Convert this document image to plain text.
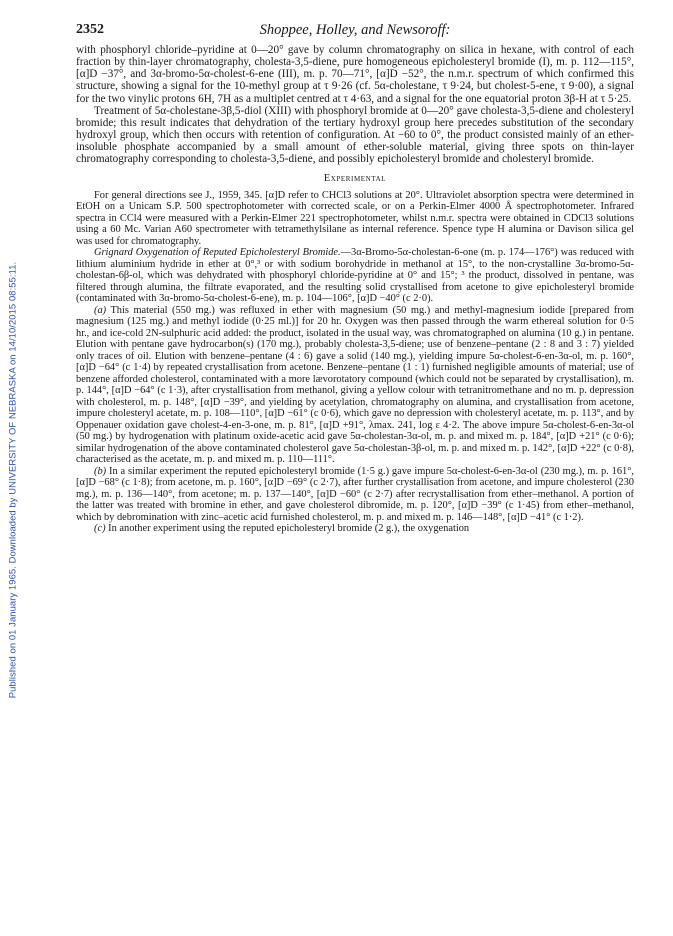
Published on 01 January 1965. Downloaded by UNIVERSITY OF NEBRASKA on 14/10/2015 08:55:11.
2352	Shoppee, Holley, and Newsoroff:

with phosphoryl chloride–pyridine at 0—20° gave by column chromatography on silica in hexane, with control of each fraction by thin-layer chromatography, cholesta-3,5-diene, pure homogeneous epicholesteryl bromide (I), m. p. 112—115°, [α]D −37°, and 3α-bromo-5α-cholest-6-ene (III), m. p. 70—71°, [α]D −52°, the n.m.r. spectrum of which confirmed this structure, showing a signal for the 10-methyl group at τ 9·26 (cf. 5α-cholestane, τ 9·24, but cholest-5-ene, τ 9·00), a signal for the two vinylic protons 6H, 7H as a multiplet centred at τ 4·63, and a signal for the one equatorial proton 3β-H at τ 5·25.

Treatment of 5α-cholestane-3β,5-diol (XIII) with phosphoryl bromide at 0—20° gave cholesta-3,5-diene and cholesteryl bromide; this result indicates that dehydration of the tertiary hydroxyl group here precedes substitution of the secondary hydroxyl group, which then occurs with retention of configuration. At −60 to 0°, the product consisted mainly of an ether-insoluble phosphate accompanied by a small amount of ether-soluble material, giving three spots on thin-layer chromatography corresponding to cholesta-3,5-diene, and possibly epicholesteryl bromide and cholesteryl bromide.

Experimental

For general directions see J., 1959, 345. [α]D refer to CHCl3 solutions at 20°. Ultraviolet absorption spectra were determined in EtOH on a Unicam S.P. 500 spectrophotometer with corrected scale, or on a Perkin-Elmer 4000 Å spectrophotometer. Infrared spectra in CCl4 were measured with a Perkin-Elmer 221 spectrophotometer, whilst n.m.r. spectra were obtained in CDCl3 solutions using a 60 Mc. Varian A60 spectrometer with tetramethylsilane as internal reference. Spence type H alumina or Davison silica gel was used for chromatography.

Grignard Oxygenation of Reputed Epicholesteryl Bromide.—3α-Bromo-5α-cholestan-6-one (m. p. 174—176°) was reduced with lithium aluminium hydride in ether at 0°,³ or with sodium borohydride in methanol at 15°, to the non-crystalline 3α-bromo-5α-cholestan-6β-ol, which was dehydrated with phosphoryl chloride-pyridine at 0° and 15°; ³ the product, dissolved in pentane, was filtered through alumina, the filtrate evaporated, and the resulting solid crystallised from acetone to give epicholesteryl bromide (contaminated with 3α-bromo-5α-cholest-6-ene), m. p. 104—106°, [α]D −40° (c 2·0).

(a) This material (550 mg.) was refluxed in ether with magnesium (50 mg.) and methyl-magnesium iodide [prepared from magnesium (125 mg.) and methyl iodide (0·25 ml.)] for 20 hr. Oxygen was then passed through the warm ethereal solution for 0·5 hr., and ice-cold 2N-sulphuric acid added: the product, isolated in the usual way, was chromatographed on alumina (10 g.) in pentane. Elution with pentane gave hydrocarbon(s) (170 mg.), probably cholesta-3,5-diene; use of benzene–pentane (2 : 8 and 3 : 7) yielded only traces of oil. Elution with benzene–pentane (4 : 6) gave a solid (140 mg.), yielding impure 5α-cholest-6-en-3α-ol, m. p. 160°, [α]D −64° (c 1·4) by repeated crystallisation from acetone. Benzene–pentane (1 : 1) furnished negligible amounts of material; use of benzene afforded cholesterol, contaminated with a more lævorotatory compound (which could not be separated by crystallisation), m. p. 144°, [α]D −64° (c 1·3), after crystallisation from methanol, giving a yellow colour with tetranitromethane and no m. p. depression with cholesterol, m. p. 148°, [α]D −39°, and yielding by acetylation, chromatography on alumina, and crystallisation from acetone, impure cholesteryl acetate, m. p. 108—110°, [α]D −61° (c 0·6), which gave no depression with cholesteryl acetate, m. p. 113°, and by Oppenauer oxidation gave cholest-4-en-3-one, m. p. 81°, [α]D +91°, λmax. 241, log ε 4·2. The above impure 5α-cholest-6-en-3α-ol (50 mg.) by hydrogenation with platinum oxide-acetic acid gave 5α-cholestan-3α-ol, m. p. and mixed m. p. 184°, [α]D +21° (c 0·6); similar hydrogenation of the above contaminated cholesterol gave 5α-cholestan-3β-ol, m. p. and mixed m. p. 142°, [α]D +22° (c 0·8), characterised as the acetate, m. p. and mixed m. p. 110—111°.

(b) In a similar experiment the reputed epicholesteryl bromide (1·5 g.) gave impure 5α-cholest-6-en-3α-ol (230 mg.), m. p. 161°, [α]D −68° (c 1·8); from acetone, m. p. 160°, [α]D −69° (c 2·7), after further crystallisation from acetone, and impure cholesterol (230 mg.), m. p. 136—140°, from acetone; m. p. 137—140°, [α]D −60° (c 2·7) after recrystallisation from ether–methanol. A portion of the latter was treated with bromine in ether, and gave cholesterol dibromide, m. p. 120°, [α]D −39° (c 1·45) from ether–methanol, which by debromination with zinc–acetic acid furnished cholesterol, m. p. and mixed m. p. 146—148°, [α]D −41° (c 1·2).

(c) In another experiment using the reputed epicholesteryl bromide (2 g.), the oxygenation
